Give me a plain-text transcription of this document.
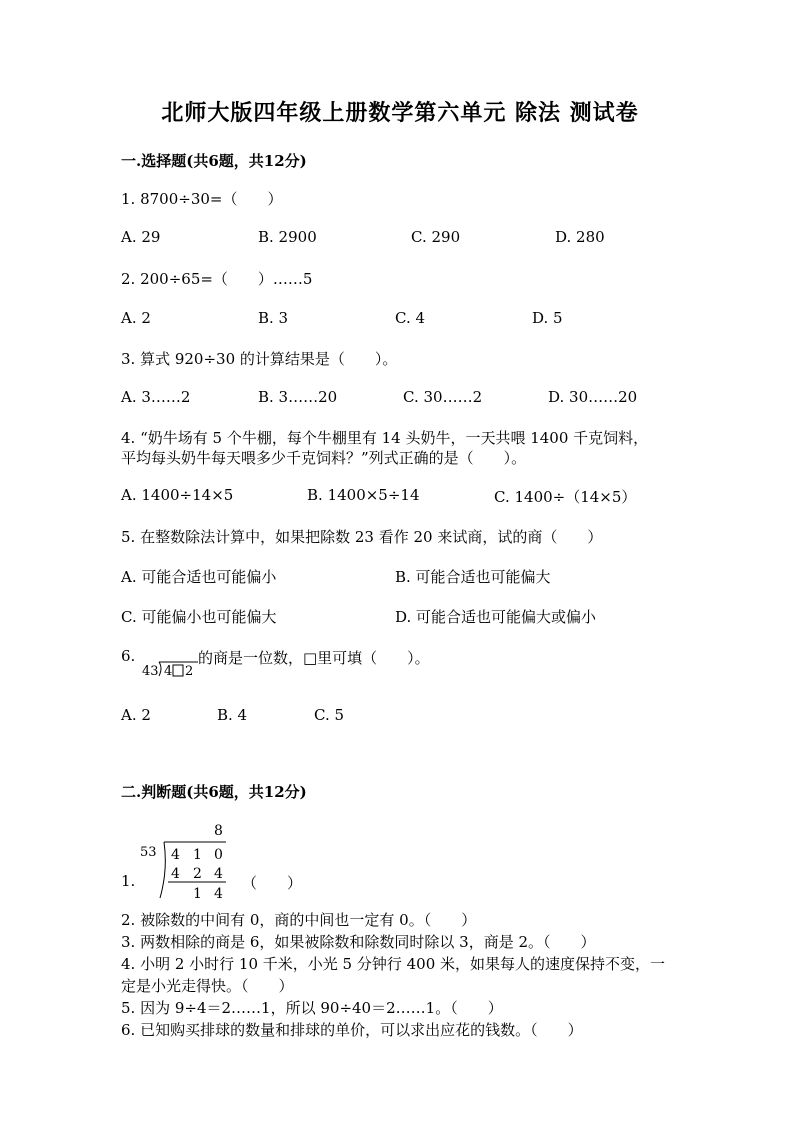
北师大版四年级上册数学第六单元 除法 测试卷
一.选择题(共6题，共12分)
1. 8700÷30=（　　）
A. 29	B. 2900	C. 290	D. 280
2. 200÷65=（　　）……5
A. 2	B. 3	C. 4	D. 5
3. 算式 920÷30 的计算结果是（　　）。
A. 3……2	B. 3……20	C. 30……2	D. 30……20
4. “奶牛场有 5 个牛棚，每个牛棚里有 14 头奶牛，一天共喂 1400 千克饲料，
平均每头奶牛每天喂多少千克饲料？”列式正确的是（　　）。
A. 1400÷14×5	B. 1400×5÷14	C. 1400÷（14×5）
5. 在整数除法计算中，如果把除数 23 看作 20 来试商，试的商（　　）
A. 可能合适也可能偏小	B. 可能合适也可能偏大
C. 可能偏小也可能偏大	D. 可能合适也可能偏大或偏小
6.
43 4 2
的商是一位数，□里可填（　　）。
A. 2	B. 4	C. 5
二.判断题(共6题，共12分)
1.
8
53 4 1 0
4 2 4
1 4
（　　）
2. 被除数的中间有 0，商的中间也一定有 0。（　　）
3. 两数相除的商是 6，如果被除数和除数同时除以 3，商是 2。（　　）
4. 小明 2 小时行 10 千米，小光 5 分钟行 400 米，如果每人的速度保持不变，一
定是小光走得快。（　　）
5. 因为 9÷4＝2……1，所以 90÷40＝2……1。（　　）
6. 已知购买排球的数量和排球的单价，可以求出应花的钱数。（　　）
